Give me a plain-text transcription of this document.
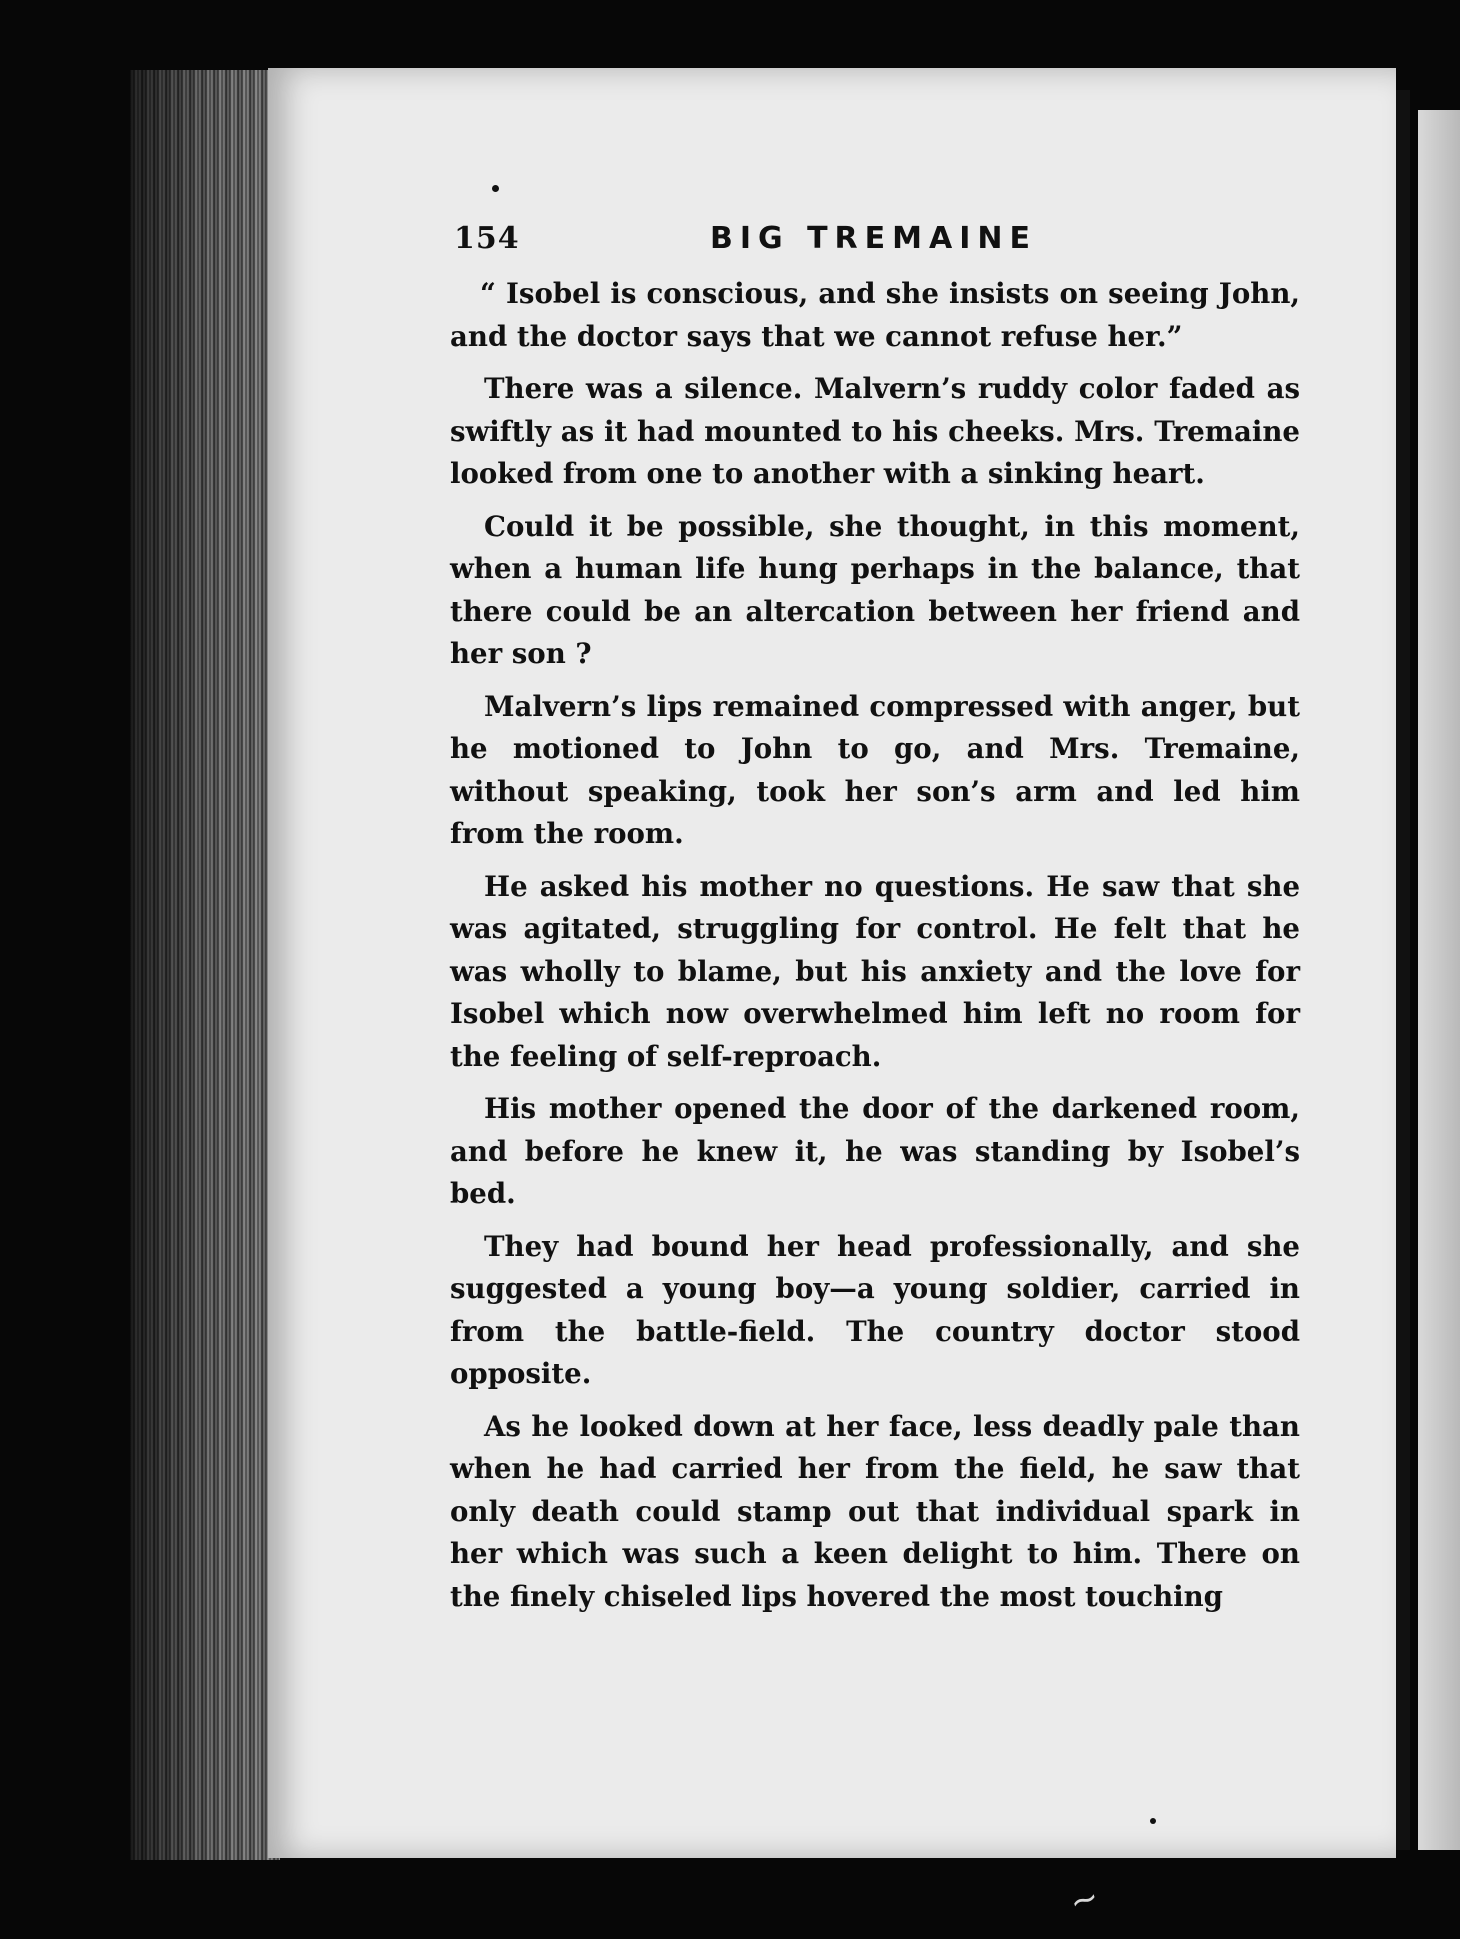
~
154	BIG TREMAINE

“ Isobel is conscious, and she insists on seeing John, and the doctor says that we cannot refuse her.”

There was a silence. Malvern’s ruddy color faded as swiftly as it had mounted to his cheeks. Mrs. Tremaine looked from one to another with a sinking heart.

Could it be possible, she thought, in this moment, when a human life hung perhaps in the balance, that there could be an altercation between her friend and her son ?

Malvern’s lips remained compressed with anger, but he motioned to John to go, and Mrs. Tremaine, without speaking, took her son’s arm and led him from the room.

He asked his mother no questions. He saw that she was agitated, struggling for control. He felt that he was wholly to blame, but his anxiety and the love for Isobel which now overwhelmed him left no room for the feeling of self-reproach.

His mother opened the door of the darkened room, and before he knew it, he was standing by Isobel’s bed.

They had bound her head professionally, and she suggested a young boy—a young soldier, carried in from the battle-field. The country doctor stood opposite.

As he looked down at her face, less deadly pale than when he had carried her from the field, he saw that only death could stamp out that individual spark in her which was such a keen delight to him. There on the finely chiseled lips hovered the most touching
